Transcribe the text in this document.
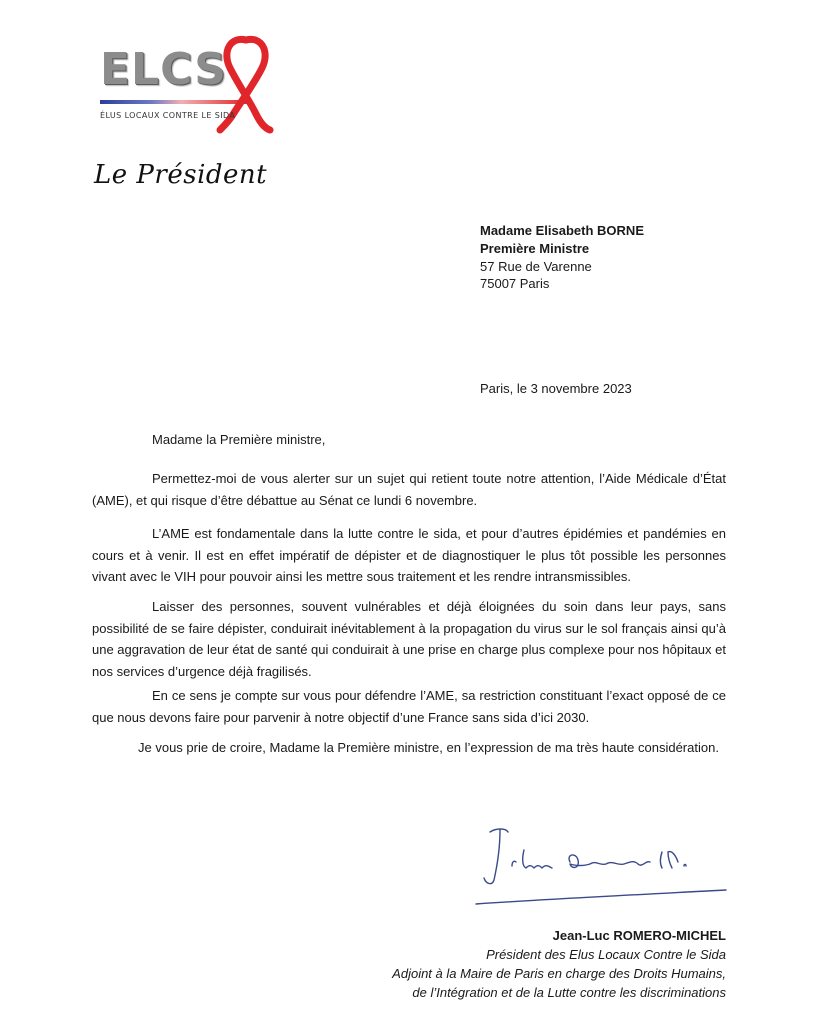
ELCS
ÉLUS LOCAUX CONTRE LE SIDA
Le Président
Madame Elisabeth BORNE
Première Ministre
57 Rue de Varenne
75007 Paris
Paris, le 3 novembre 2023
Madame la Première ministre,

Permettez-moi de vous alerter sur un sujet qui retient toute notre attention, l’Aide Médicale d’État (AME), et qui risque d’être débattue au Sénat ce lundi 6 novembre.

L’AME est fondamentale dans la lutte contre le sida, et pour d’autres épidémies et pandémies en cours et à venir. Il est en effet impératif de dépister et de diagnostiquer le plus tôt possible les personnes vivant avec le VIH pour pouvoir ainsi les mettre sous traitement et les rendre intransmissibles.

Laisser des personnes, souvent vulnérables et déjà éloignées du soin dans leur pays, sans possibilité de se faire dépister, conduirait inévitablement à la propagation du virus sur le sol français ainsi qu’à une aggravation de leur état de santé qui conduirait à une prise en charge plus complexe pour nos hôpitaux et nos services d’urgence déjà fragilisés.

En ce sens je compte sur vous pour défendre l’AME, sa restriction constituant l’exact opposé de ce que nous devons faire pour parvenir à notre objectif d’une France sans sida d’ici 2030.

Je vous prie de croire, Madame la Première ministre, en l’expression de ma très haute considération.
Jean-Luc ROMERO-MICHEL
Président des Elus Locaux Contre le Sida
Adjoint à la Maire de Paris en charge des Droits Humains,
de l’Intégration et de la Lutte contre les discriminations
